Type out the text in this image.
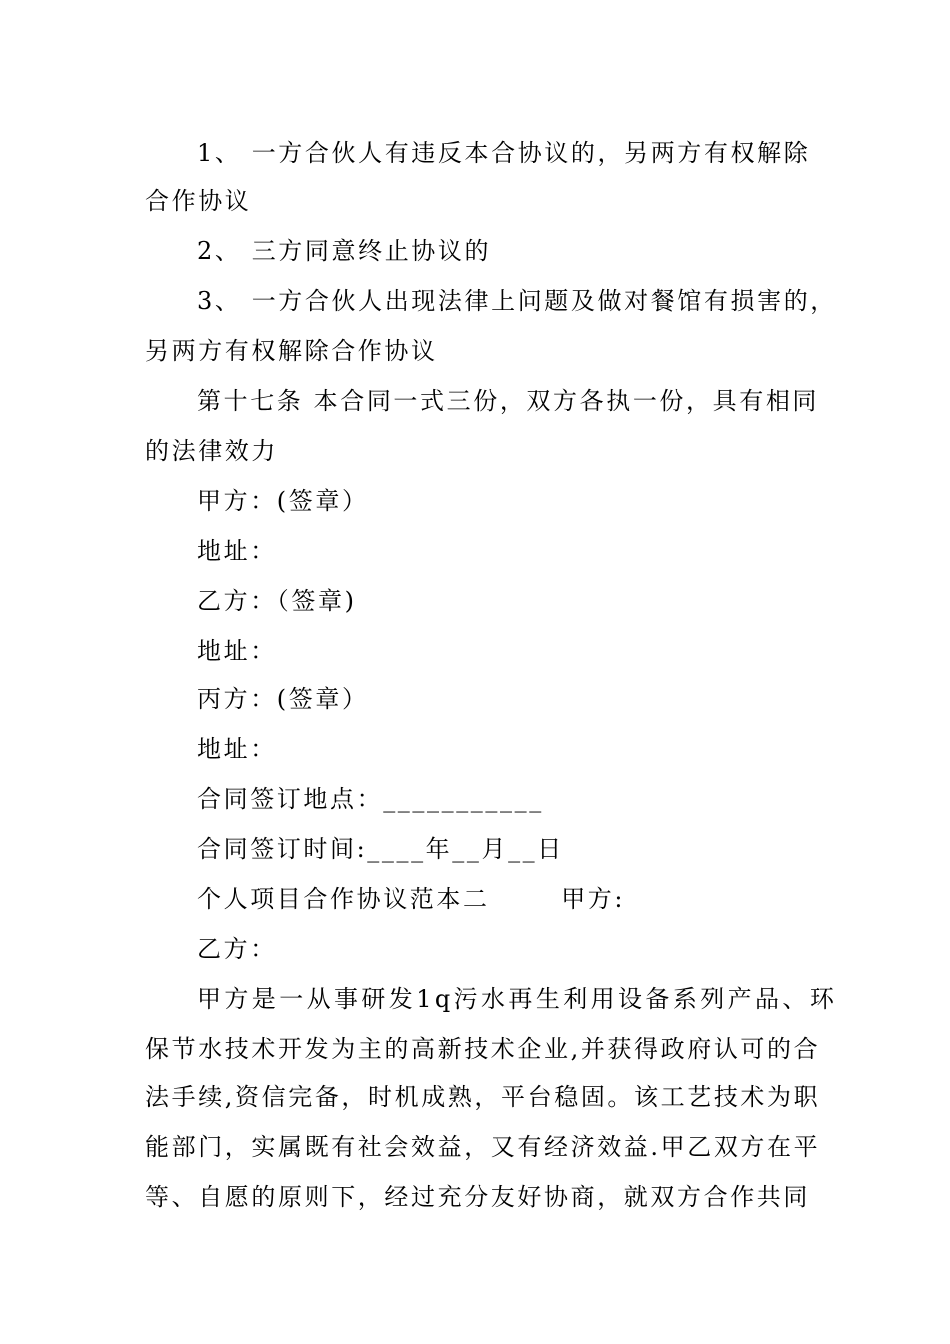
1、 一方合伙人有违反本合协议的，另两方有权解除
合作协议
2、 三方同意终止协议的
3、 一方合伙人出现法律上问题及做对餐馆有损害的，
另两方有权解除合作协议
第十七条 本合同一式三份，双方各执一份，具有相同
的法律效力
甲方：(签章）
地址：
乙方：（签章)
地址：
丙方：(签章）
地址：
合同签订地点：___________
合同签订时间:____年__月__日
个人项目合作协议范本二       甲方:
乙方：
甲方是一从事研发1q污水再生利用设备系列产品、环
保节水技术开发为主的高新技术企业,并获得政府认可的合
法手续,资信完备，时机成熟，平台稳固。该工艺技术为职
能部门，实属既有社会效益，又有经济效益.甲乙双方在平
等、自愿的原则下，经过充分友好协商，就双方合作共同
